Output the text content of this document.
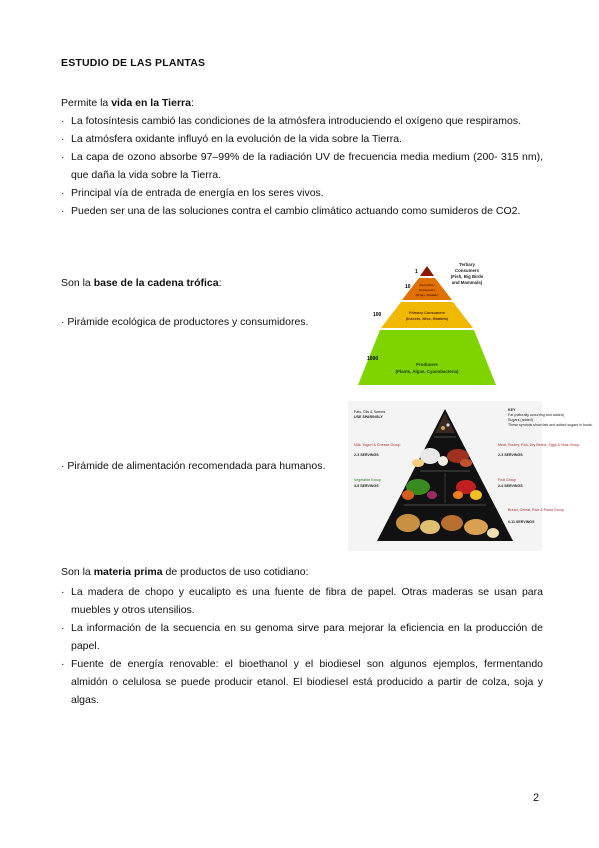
ESTUDIO DE LAS PLANTAS
Permite la vida en la Tierra:
· La fotosíntesis cambió las condiciones de la atmósfera introduciendo el oxígeno que respiramos.
· La atmósfera oxidante influyó en la evolución de la vida sobre la Tierra.
· La capa de ozono absorbe 97–99% de la radiación UV de frecuencia media medium (200- 315 nm), que daña la vida sobre la Tierra.
· Principal vía de entrada de energía en los seres vivos.
· Pueden ser una de las soluciones contra el cambio climático actuando como sumideros de CO2.
Son la base de la cadena trófica:
· Pirámide ecológica de productores y consumidores.
· Pirámide de alimentación recomendada para humanos.
1
10
100
1000
Tertiary
Consumers
(Fish, Big Birds
and Mammals)
Secondary
Consumers
(Frogs, Smaller)
Primary Consumers
(Insects, Mice, Rabbits)
Producers
(Plants, Algae, Cyanobacteria)
Fats, Oils & Sweets
USE SPARINGLY
Milk, Yogurt & Cheese Group
2-3 SERVINGS
Vegetable Group
3-5 SERVINGS
Meat, Poultry, Fish, Dry Beans, Eggs & Nuts Group
2-3 SERVINGS
Fruit Group
2-4 SERVINGS
Bread, Cereal, Rice & Pasta Group
6-11 SERVINGS
KEY
Fat (naturally occurring and added)
Sugars (added)
These symbols show fats and added sugars in foods.
Son la materia prima de productos de uso cotidiano:
· La madera de chopo y eucalipto es una fuente de fibra de papel. Otras maderas se usan para muebles y otros utensilios.
· La información de la secuencia en su genoma sirve para mejorar la eficiencia en la producción de papel.
· Fuente de energía renovable: el bioethanol y el biodiesel son algunos ejemplos, fermentando almidón o celulosa se puede producir etanol. El biodiesel está producido a partir de colza, soja y algas.
2
